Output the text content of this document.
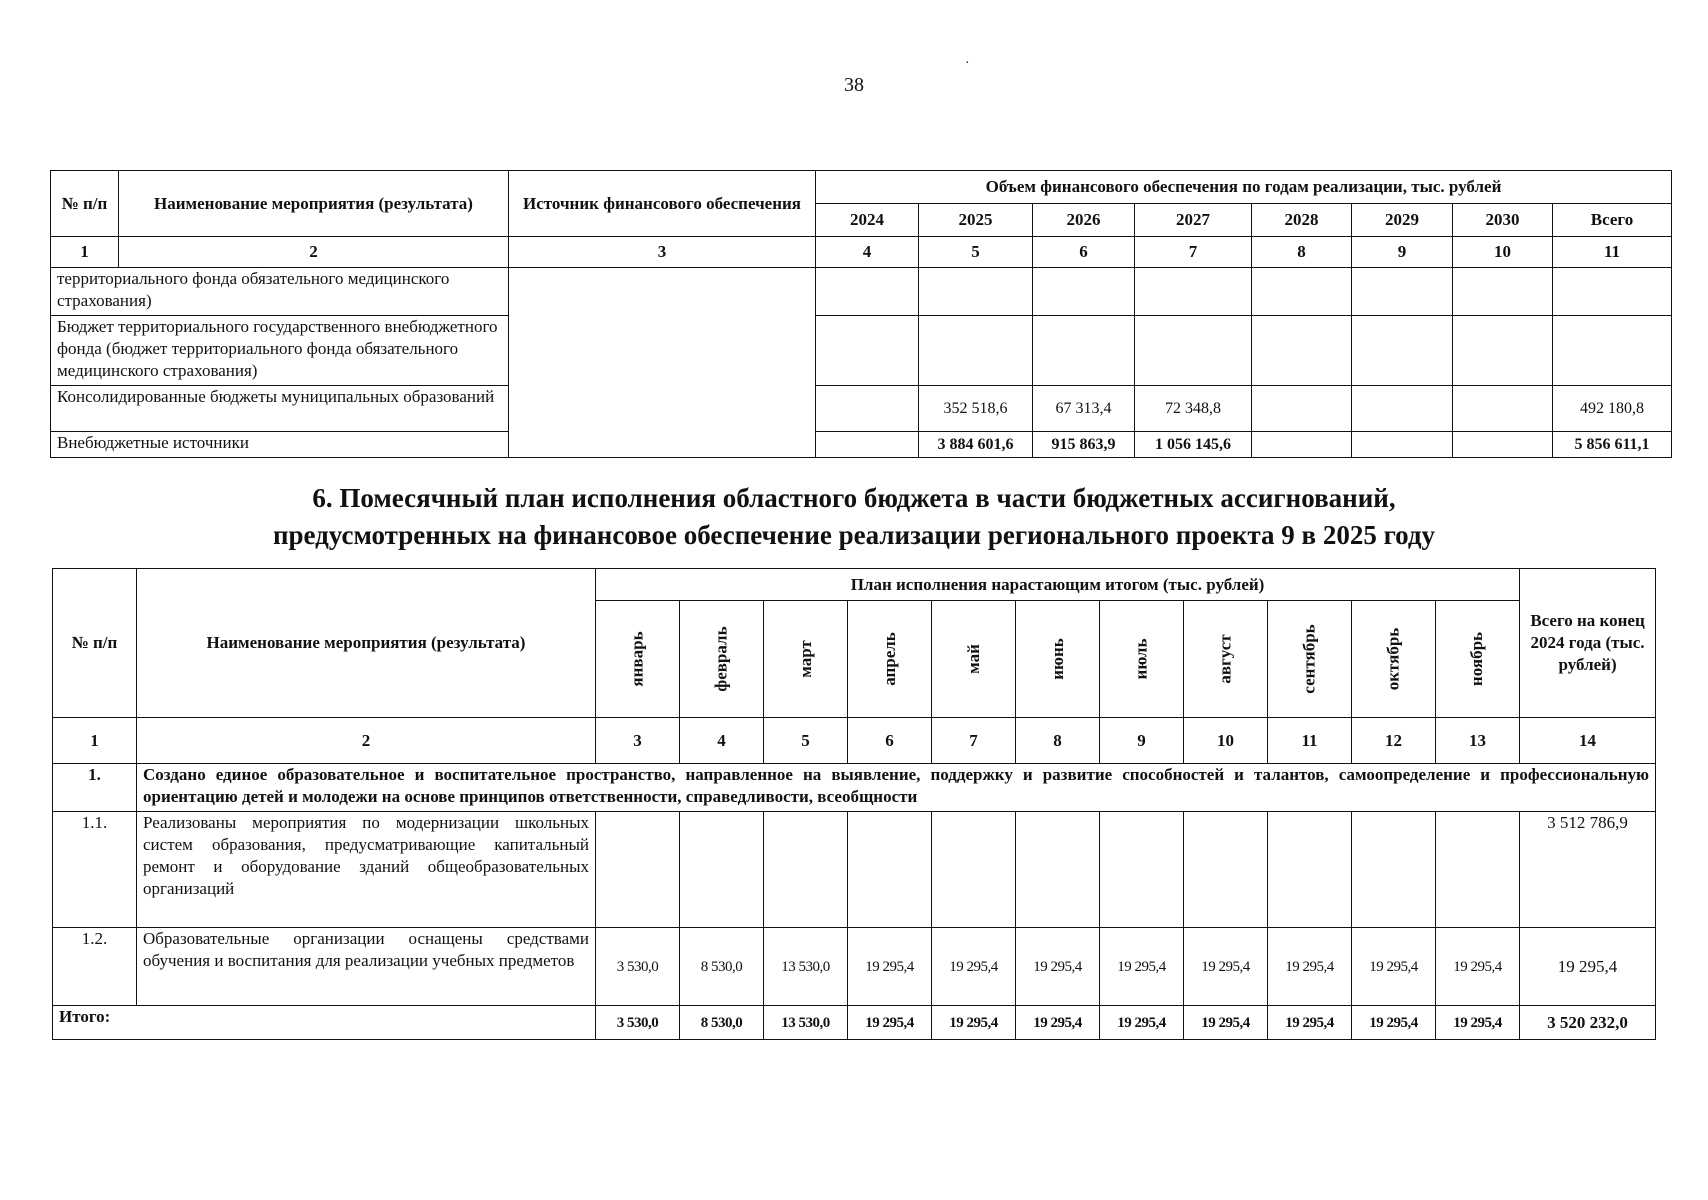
38
·
№ п/п	Наименование мероприятия (результата)	Источник финансового обеспечения	Объем финансового обеспечения по годам реализации, тыс. рублей							
			2024	2025	2026	2027	2028	2029	2030	Всего
1	2	3	4	5	6	7	8	9	10	11
территориального фонда обязательного медицинского страхования)										
Бюджет территориального государственного внебюджетного фонда (бюджет территориального фонда обязательного медицинского страхования)										
Консолидированные бюджеты муниципальных образований				352 518,6	67 313,4	72 348,8				492 180,8
Внебюджетные источники				3 884 601,6	915 863,9	1 056 145,6				5 856 611,1
6. Помесячный план исполнения областного бюджета в части бюджетных ассигнований,
предусмотренных на финансовое обеспечение реализации регионального проекта 9 в 2025 году
№ п/п	Наименование мероприятия (результата)	План исполнения нарастающим итогом (тыс. рублей)											Всего на конец 2024 года (тыс. рублей)
		январь	февраль	март	апрель	май	июнь	июль	август	сентябрь	октябрь	ноябрь	
1	2	3	4	5	6	7	8	9	10	11	12	13	14
1.	Создано единое образовательное и воспитательное пространство, направленное на выявление, поддержку и развитие способностей и талантов, самоопределение и профессиональную ориентацию детей и молодежи на основе принципов ответственности, справедливости, всеобщности												
1.1.	Реализованы мероприятия по модернизации школьных систем образования, предусматривающие капитальный ремонт и оборудование зданий общеобразовательных организаций												3 512 786,9
1.2.	Образовательные организации оснащены средствами обучения и воспитания для реализации учебных предметов	3 530,0	8 530,0	13 530,0	19 295,4	19 295,4	19 295,4	19 295,4	19 295,4	19 295,4	19 295,4	19 295,4	19 295,4
Итого:		3 530,0	8 530,0	13 530,0	19 295,4	19 295,4	19 295,4	19 295,4	19 295,4	19 295,4	19 295,4	19 295,4	3 520 232,0
